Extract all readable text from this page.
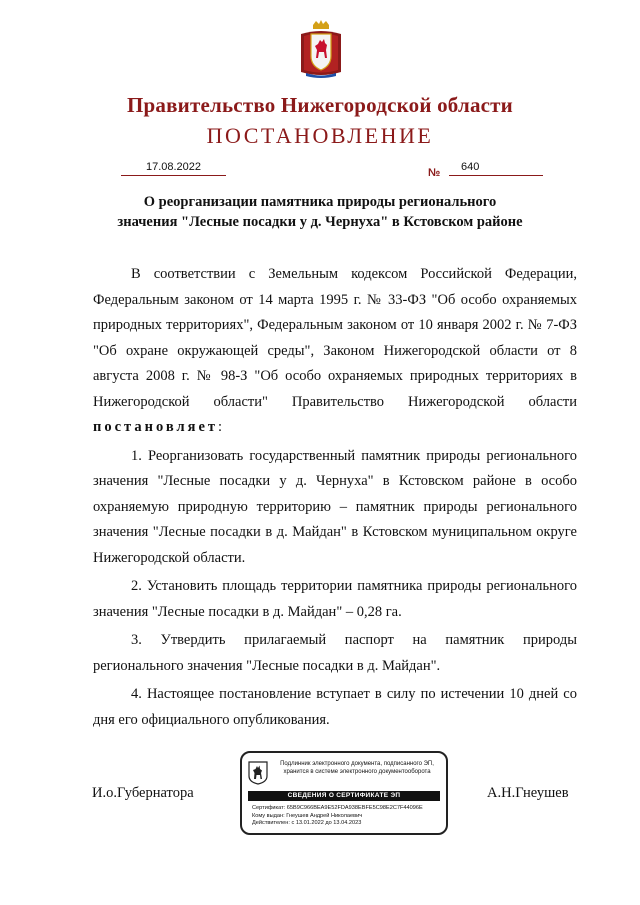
Правительство Нижегородской области
ПОСТАНОВЛЕНИЕ
17.08.2022	№	640
О реорганизации памятника природы регионального
значения "Лесные посадки у д. Чернуха" в Кстовском районе

В соответствии с Земельным кодексом Российской Федерации, Федеральным законом от 14 марта 1995 г. № 33-ФЗ "Об особо охраняемых природных территориях", Федеральным законом от 10 января 2002 г. № 7-ФЗ "Об охране окружающей среды", Законом Нижегородской области от 8 августа 2008 г. № 98-З "Об особо охраняемых природных территориях в Нижегородской области" Правительство Нижегородской области постановляет:

1. Реорганизовать государственный памятник природы регионального значения "Лесные посадки у д. Чернуха" в Кстовском районе в особо охраняемую природную территорию – памятник природы регионального значения "Лесные посадки в д. Майдан" в Кстовском муниципальном округе Нижегородской области.

2. Установить площадь территории памятника природы регионального значения "Лесные посадки в д. Майдан" – 0,28 га.

3. Утвердить прилагаемый паспорт на памятник природы регионального значения "Лесные посадки в д. Майдан".

4. Настоящее постановление вступает в силу по истечении 10 дней со дня его официального опубликования.

И.о.Губернатора	А.Н.Гнеушев
Подлинник электронного документа, подписанного ЭП,
хранится в системе электронного документооборота
СВЕДЕНИЯ О СЕРТИФИКАТЕ ЭП
Сертификат: 65B9C966BEA9E52FDA938EBFE5C98E2C7F44096E
Кому выдан: Гнеушев Андрей Николаевич
Действителен: с 13.01.2022 до 13.04.2023
